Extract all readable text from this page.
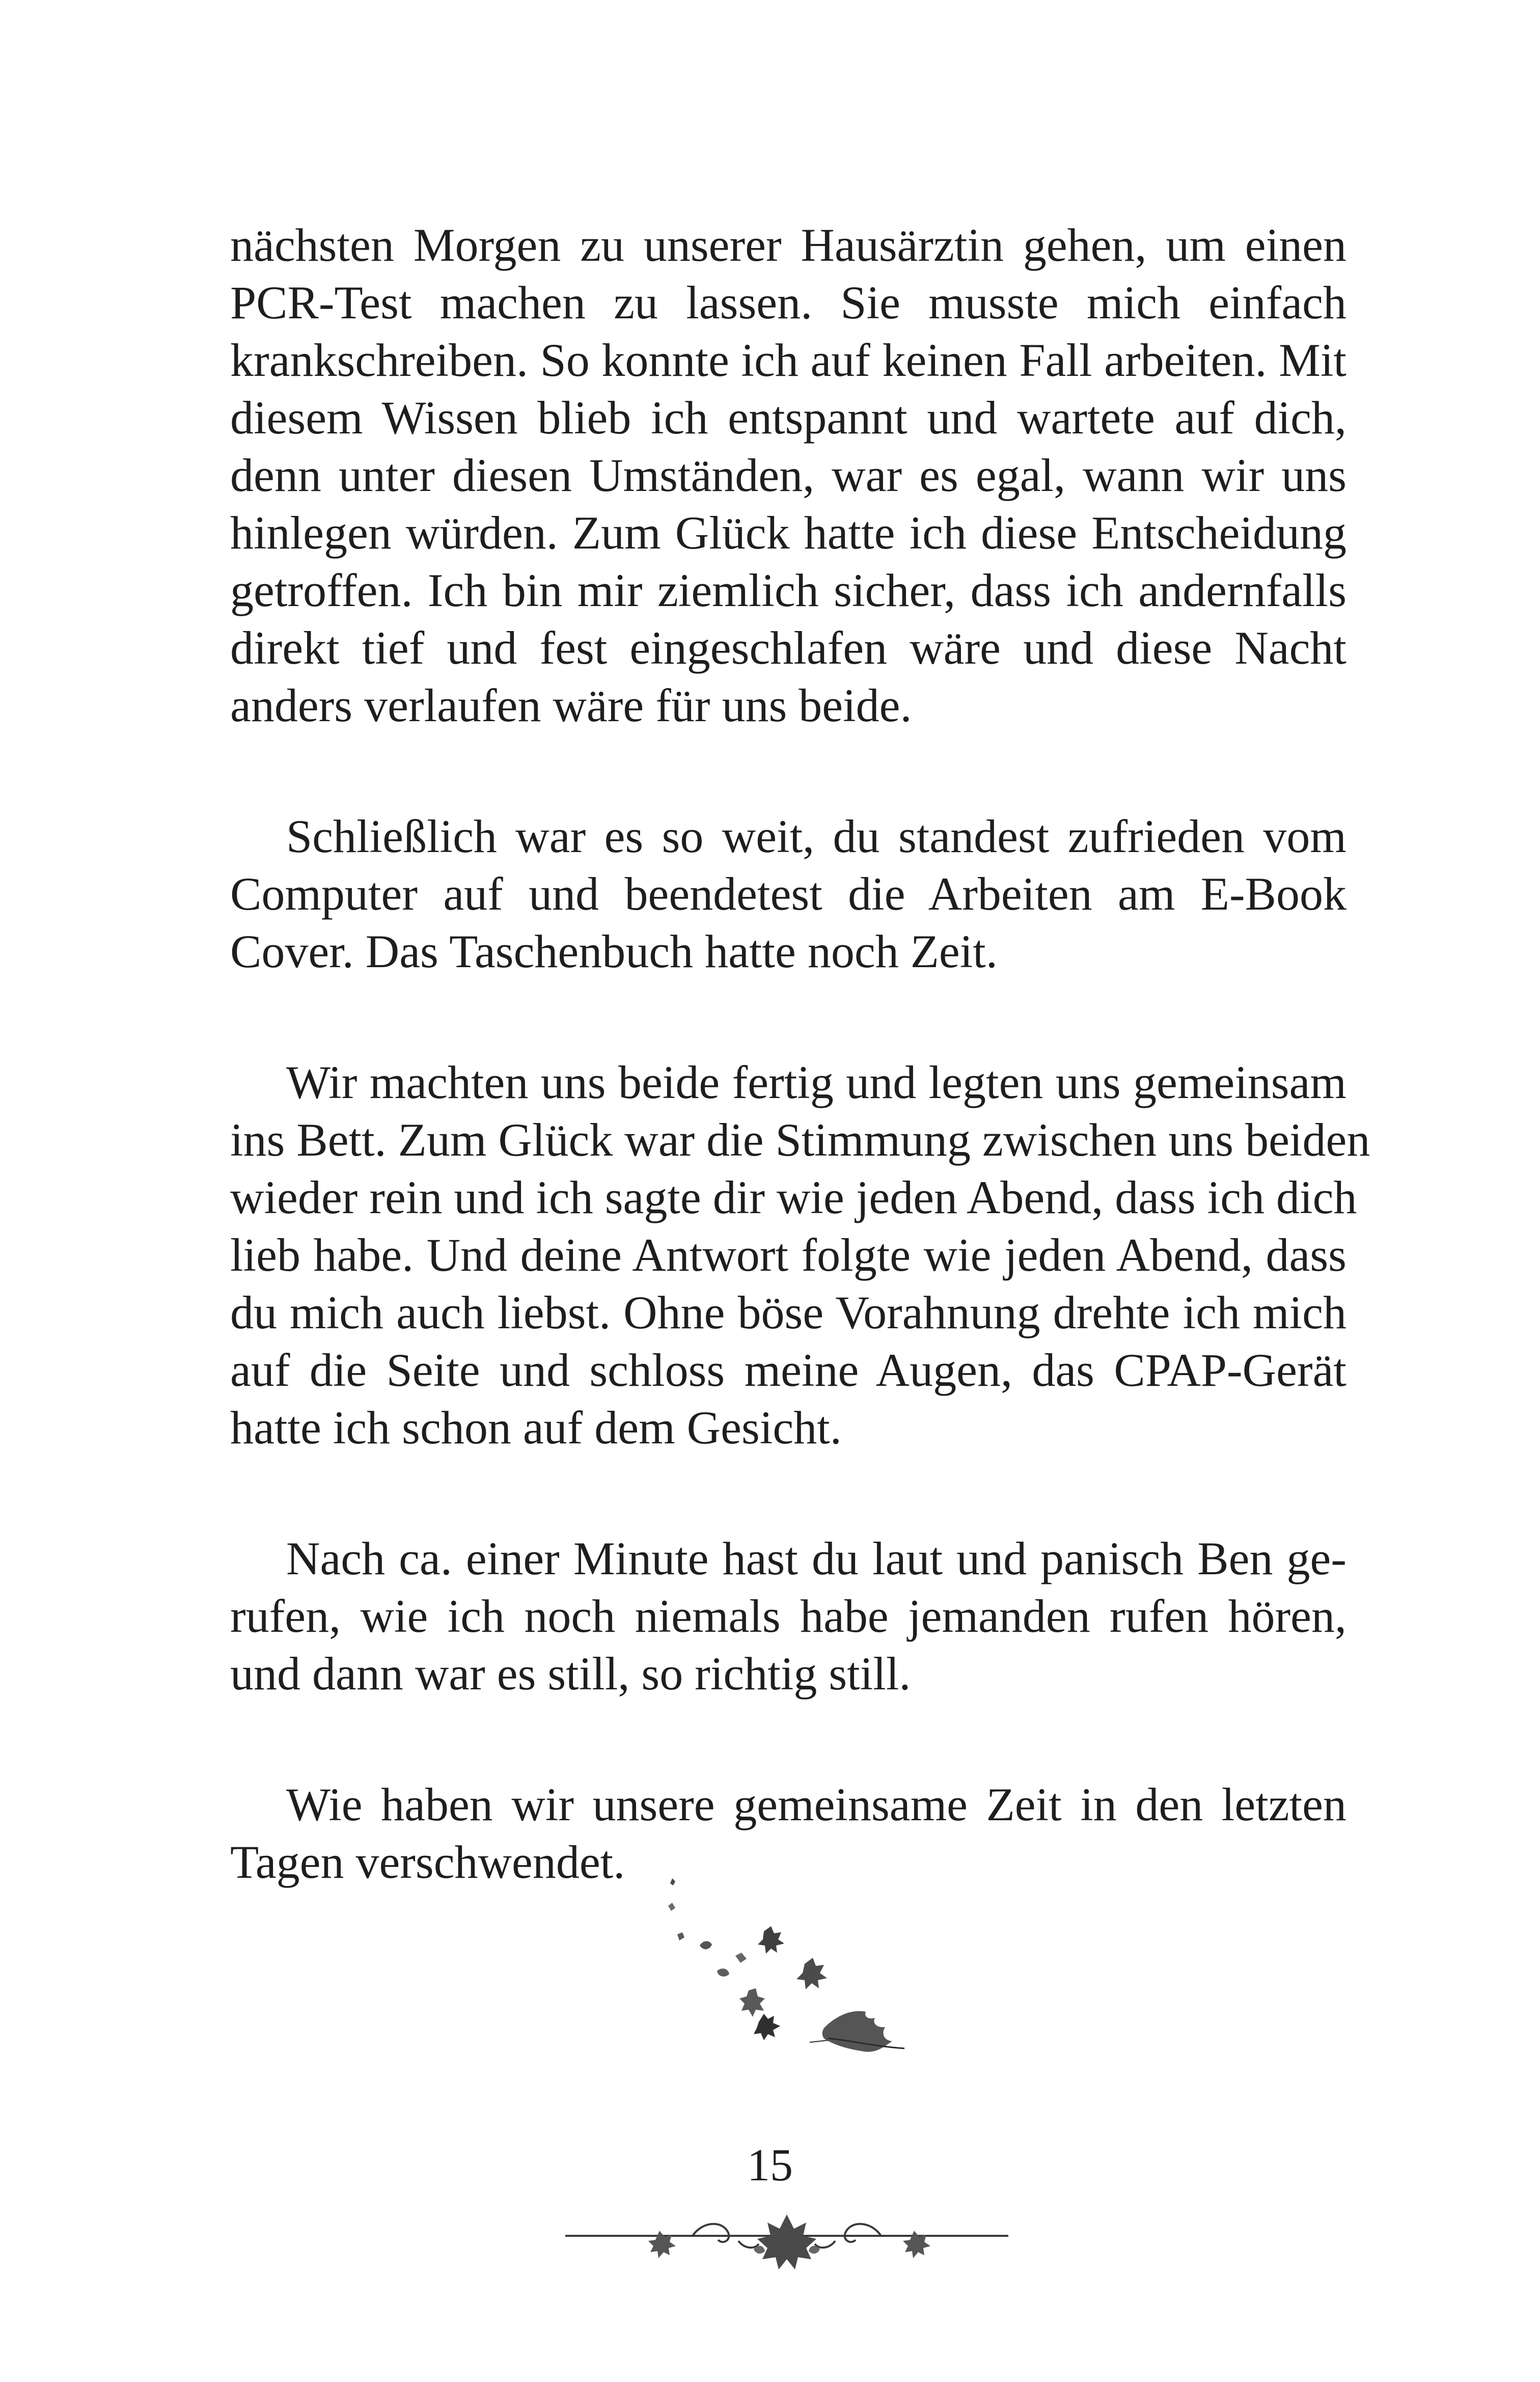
nächsten Morgen zu unserer Hausärztin gehen, um einen
PCR-Test machen zu lassen. Sie musste mich einfach
krankschreiben. So konnte ich auf keinen Fall arbeiten. Mit
diesem Wissen blieb ich entspannt und wartete auf dich,
denn unter diesen Umständen, war es egal, wann wir uns
hinlegen würden. Zum Glück hatte ich diese Entscheidung
getroffen. Ich bin mir ziemlich sicher, dass ich andernfalls
direkt tief und fest eingeschlafen wäre und diese Nacht
anders verlaufen wäre für uns beide.

Schließlich war es so weit, du standest zufrieden vom
Computer auf und beendetest die Arbeiten am E-Book
Cover. Das Taschenbuch hatte noch Zeit.

Wir machten uns beide fertig und legten uns gemeinsam
ins Bett. Zum Glück war die Stimmung zwischen uns beiden
wieder rein und ich sagte dir wie jeden Abend, dass ich dich
lieb habe. Und deine Antwort folgte wie jeden Abend, dass
du mich auch liebst. Ohne böse Vorahnung drehte ich mich
auf die Seite und schloss meine Augen, das CPAP-Gerät
hatte ich schon auf dem Gesicht.

Nach ca. einer Minute hast du laut und panisch Ben ge-
rufen, wie ich noch niemals habe jemanden rufen hören,
und dann war es still, so richtig still.

Wie haben wir unsere gemeinsame Zeit in den letzten
Tagen verschwendet.

15
